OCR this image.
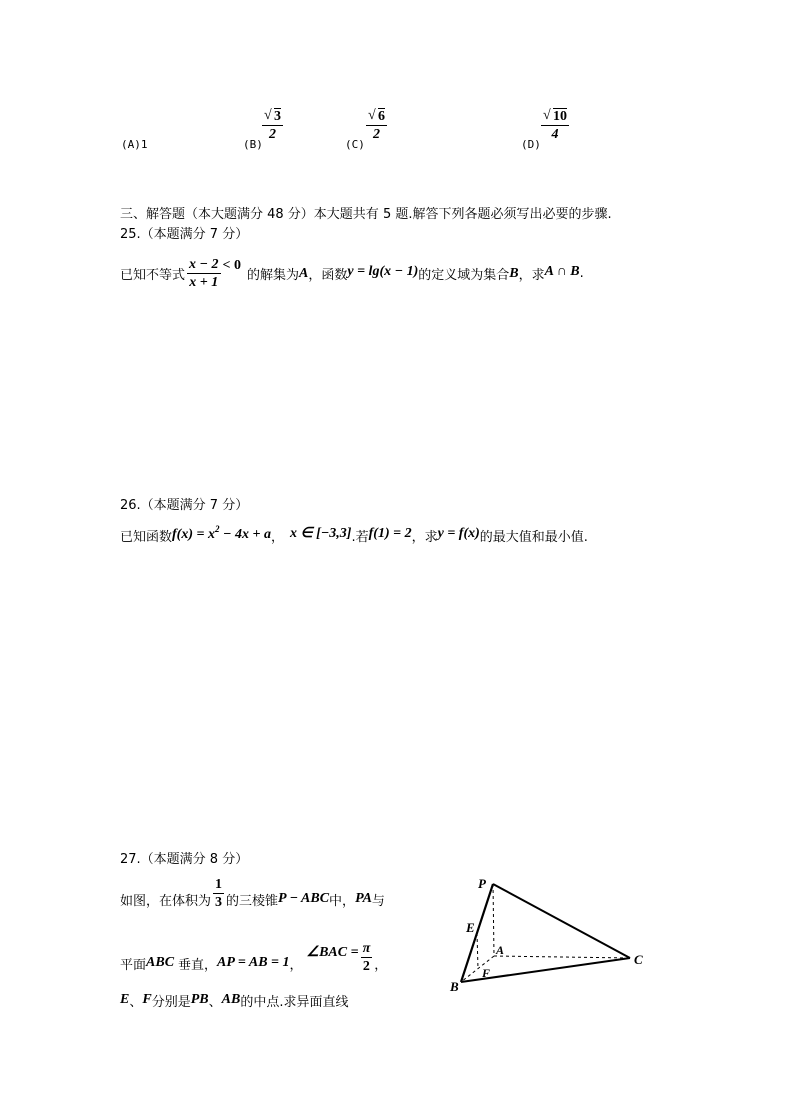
(A)1	(B)
$\frac{√ 3}{2}$
(C)
$\frac{√ 6}{2}$
(D)
$\frac{√ 10}{4}$
三、解答题（本大题满分 48 分）本大题共有 5 题.解答下列各题必须写出必要的步骤.
25.（本题满分 7 分）
已知不等式 $\frac{x - 2}{x + 1} < 0$
的解集为 A ，函数 y = lg(x − 1) 的定义域为集合 B ，求 A ∩ B .
26.（本题满分 7 分）
已知函数 $f(x) = x^2 - 4x + a$ ， x ∈ [−3,3] .若 f(1) = 2 ，求 y = f(x) 的最大值和最小值.
27.（本题满分 8 分）
如图，在体积为 $\frac{1}{3}$ 的三棱锥 P − ABC 中， PA 与
平面 ABC 垂直， AP = AB = 1 ，
∠BAC = $\frac{\pi}{2}$ ，
E 、 F 分别是 PB 、 AB 的中点.求异面直线
P
A
B
C
E
F
